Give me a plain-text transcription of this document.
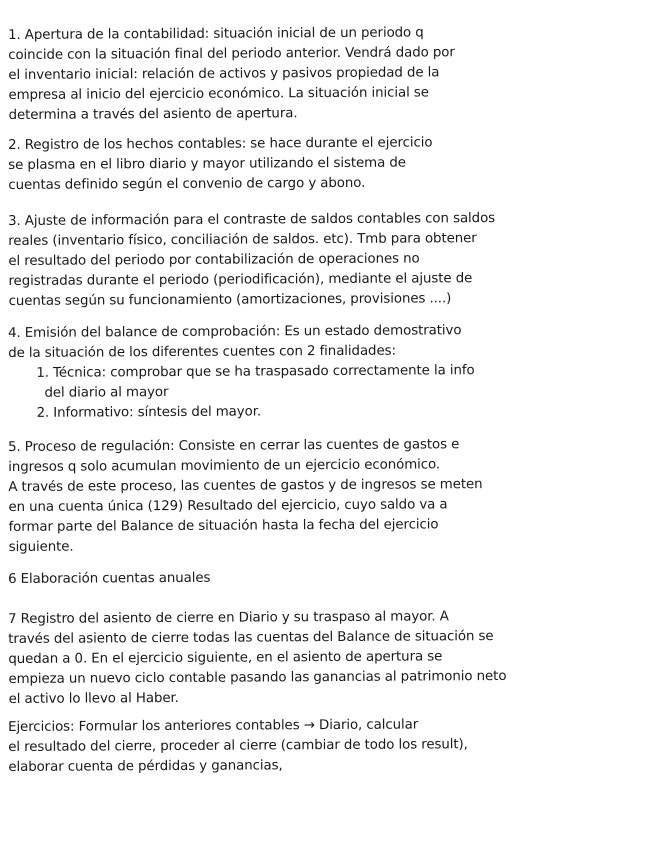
1. Apertura de la contabilidad: situación inicial de un periodo q
coincide con la situación final del periodo anterior. Vendrá dado por
el inventario inicial: relación de activos y pasivos propiedad de la
empresa al inicio del ejercicio económico. La situación inicial se
determina a través del asiento de apertura.
2. Registro de los hechos contables: se hace durante el ejercicio
se plasma en el libro diario y mayor utilizando el sistema de
cuentas definido según el convenio de cargo y abono.
3. Ajuste de información para el contraste de saldos contables con saldos
reales (inventario físico, conciliación de saldos. etc). Tmb para obtener
el resultado del periodo por contabilización de operaciones no
registradas durante el periodo (periodificación), mediante el ajuste de
cuentas según su funcionamiento (amortizaciones, provisiones ....)
4. Emisión del balance de comprobación: Es un estado demostrativo
de la situación de los diferentes cuentes con 2 finalidades:
1. Técnica: comprobar que se ha traspasado correctamente la info
del diario al mayor
2. Informativo: síntesis del mayor.
5. Proceso de regulación: Consiste en cerrar las cuentes de gastos e
ingresos q solo acumulan movimiento de un ejercicio económico.
A través de este proceso, las cuentes de gastos y de ingresos se meten
en una cuenta única (129) Resultado del ejercicio, cuyo saldo va a
formar parte del Balance de situación hasta la fecha del ejercicio
siguiente.
6 Elaboración cuentas anuales
7 Registro del asiento de cierre en Diario y su traspaso al mayor. A
través del asiento de cierre todas las cuentas del Balance de situación se
quedan a 0. En el ejercicio siguiente, en el asiento de apertura se
empieza un nuevo ciclo contable pasando las ganancias al patrimonio neto
el activo lo llevo al Haber.
Ejercicios: Formular los anteriores contables → Diario, calcular
el resultado del cierre, proceder al cierre (cambiar de todo los result),
elaborar cuenta de pérdidas y ganancias,
